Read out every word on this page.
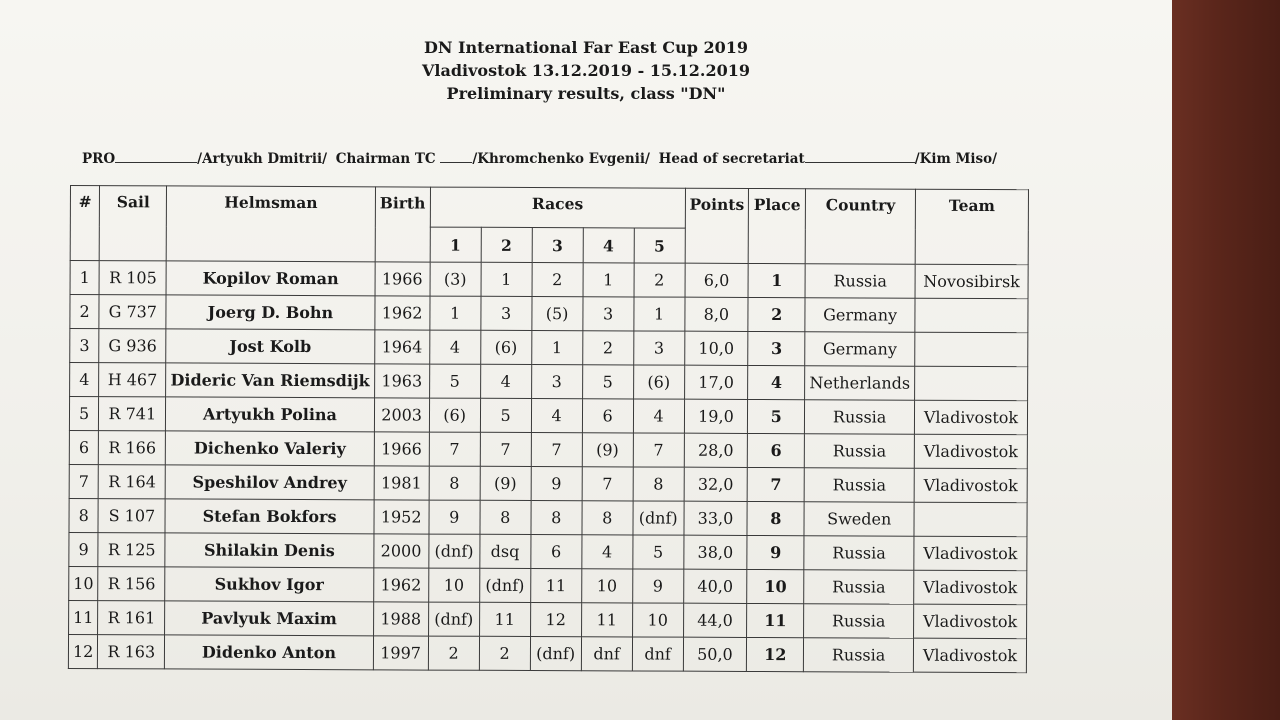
DN International Far East Cup 2019
Vladivostok 13.12.2019 - 15.12.2019
Preliminary results, class "DN"
PRO	/Artyukh Dmitrii/ Chairman TC	/Khromchenko Evgenii/ Head of secretariat	/Kim Miso/
#	Sail	Helmsman	Birth	Races					Points	Place	Country	Team
				1	2	3	4	5				
1	R 105	Kopilov Roman	1966	(3)	1	2	1	2	6,0	1	Russia	Novosibirsk
2	G 737	Joerg D. Bohn	1962	1	3	(5)	3	1	8,0	2	Germany	
3	G 936	Jost Kolb	1964	4	(6)	1	2	3	10,0	3	Germany	
4	H 467	Dideric Van Riemsdijk	1963	5	4	3	5	(6)	17,0	4	Netherlands	
5	R 741	Artyukh Polina	2003	(6)	5	4	6	4	19,0	5	Russia	Vladivostok
6	R 166	Dichenko Valeriy	1966	7	7	7	(9)	7	28,0	6	Russia	Vladivostok
7	R 164	Speshilov Andrey	1981	8	(9)	9	7	8	32,0	7	Russia	Vladivostok
8	S 107	Stefan Bokfors	1952	9	8	8	8	(dnf)	33,0	8	Sweden	
9	R 125	Shilakin Denis	2000	(dnf)	dsq	6	4	5	38,0	9	Russia	Vladivostok
10	R 156	Sukhov Igor	1962	10	(dnf)	11	10	9	40,0	10	Russia	Vladivostok
11	R 161	Pavlyuk Maxim	1988	(dnf)	11	12	11	10	44,0	11	Russia	Vladivostok
12	R 163	Didenko Anton	1997	2	2	(dnf)	dnf	dnf	50,0	12	Russia	Vladivostok
